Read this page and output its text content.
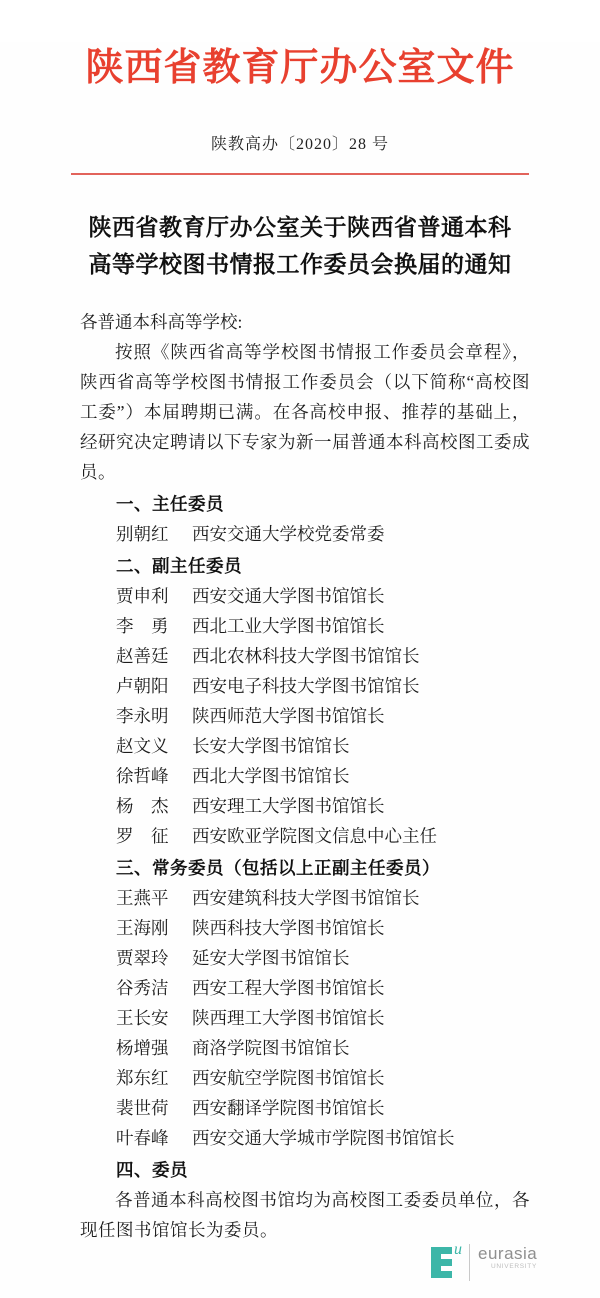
陕西省教育厅办公室文件
陕教高办〔2020〕28 号
陕西省教育厅办公室关于陕西省普通本科
高等学校图书情报工作委员会换届的通知
各普通本科高等学校:

按照《陕西省高等学校图书情报工作委员会章程》，陕西省高等学校图书情报工作委员会（以下简称“高校图工委”）本届聘期已满。在各高校申报、推荐的基础上，经研究决定聘请以下专家为新一届普通本科高校图工委成员。

一、主任委员
别朝红	西安交通大学校党委常委
二、副主任委员
贾申利	西安交通大学图书馆馆长
李　勇	西北工业大学图书馆馆长
赵善廷	西北农林科技大学图书馆馆长
卢朝阳	西安电子科技大学图书馆馆长
李永明	陕西师范大学图书馆馆长
赵文义	长安大学图书馆馆长
徐哲峰	西北大学图书馆馆长
杨　杰	西安理工大学图书馆馆长
罗　征	西安欧亚学院图文信息中心主任
三、常务委员（包括以上正副主任委员）
王燕平	西安建筑科技大学图书馆馆长
王海刚	陕西科技大学图书馆馆长
贾翠玲	延安大学图书馆馆长
谷秀洁	西安工程大学图书馆馆长
王长安	陕西理工大学图书馆馆长
杨增强	商洛学院图书馆馆长
郑东红	西安航空学院图书馆馆长
裴世荷	西安翻译学院图书馆馆长
叶春峰	西安交通大学城市学院图书馆馆长
四、委员

各普通本科高校图书馆均为高校图工委委员单位，各现任图书馆馆长为委员。

u eurasia
UNIVERSITY
